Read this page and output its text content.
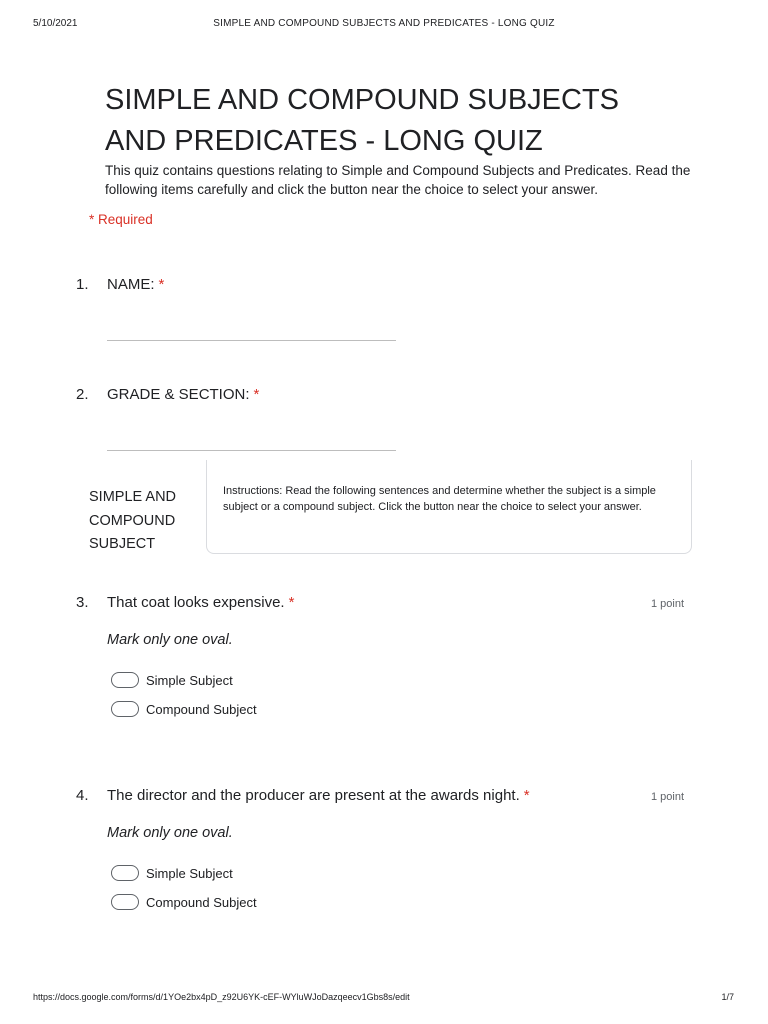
5/10/2021	SIMPLE AND COMPOUND SUBJECTS AND PREDICATES - LONG QUIZ
SIMPLE AND COMPOUND SUBJECTS AND PREDICATES - LONG QUIZ

This quiz contains questions relating to Simple and Compound Subjects and Predicates. Read the following items carefully and click the button near the choice to select your answer.

* Required
1. NAME: *
2. GRADE & SECTION: *
SIMPLE AND COMPOUND SUBJECT
Instructions: Read the following sentences and determine whether the subject is a simple subject or a compound subject. Click the button near the choice to select your answer.
3. That coat looks expensive. *	1 point
Mark only one oval.
Simple Subject
Compound Subject
4. The director and the producer are present at the awards night. *	1 point
Mark only one oval.
Simple Subject
Compound Subject
https://docs.google.com/forms/d/1YOe2bx4pD_z92U6YK-cEF-WYluWJoDazqeecv1Gbs8s/edit	1/7
